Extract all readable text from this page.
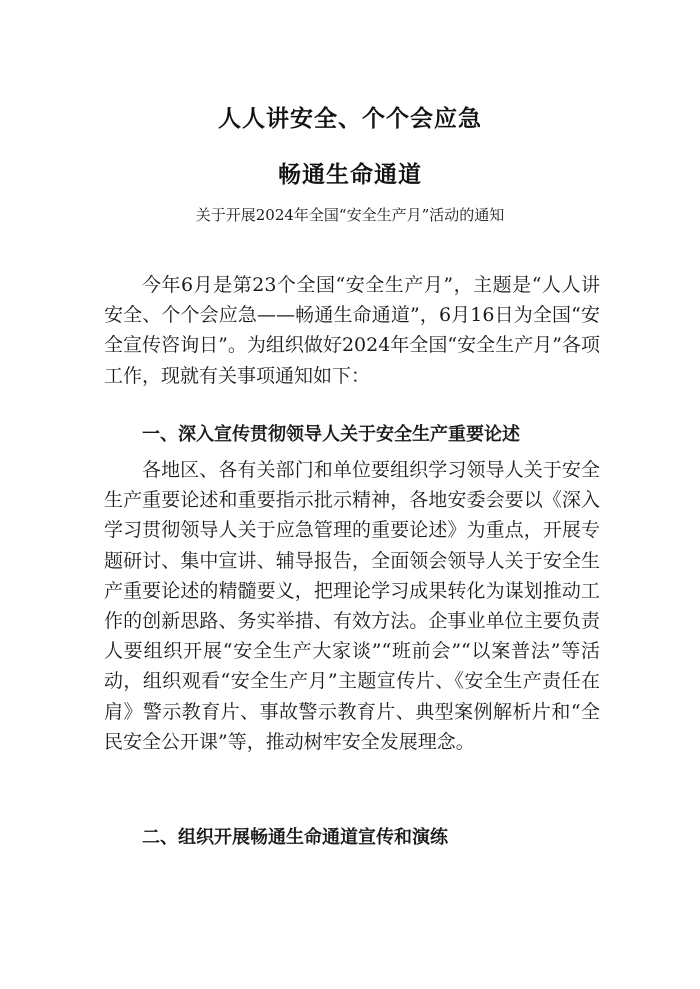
人人讲安全、个个会应急
畅通生命通道
关于开展2024年全国“安全生产月”活动的通知

今年6月是第23个全国“安全生产月”，主题是“人人讲安全、个个会应急——畅通生命通道”，6月16日为全国“安全宣传咨询日”。为组织做好2024年全国“安全生产月”各项工作，现就有关事项通知如下：

一、深入宣传贯彻领导人关于安全生产重要论述

各地区、各有关部门和单位要组织学习领导人关于安全生产重要论述和重要指示批示精神，各地安委会要以《深入学习贯彻领导人关于应急管理的重要论述》为重点，开展专题研讨、集中宣讲、辅导报告，全面领会领导人关于安全生产重要论述的精髓要义，把理论学习成果转化为谋划推动工作的创新思路、务实举措、有效方法。企事业单位主要负责人要组织开展“安全生产大家谈”“班前会”“以案普法”等活动，组织观看“安全生产月”主题宣传片、《安全生产责任在肩》警示教育片、事故警示教育片、典型案例解析片和“全民安全公开课”等，推动树牢安全发展理念。

二、组织开展畅通生命通道宣传和演练
